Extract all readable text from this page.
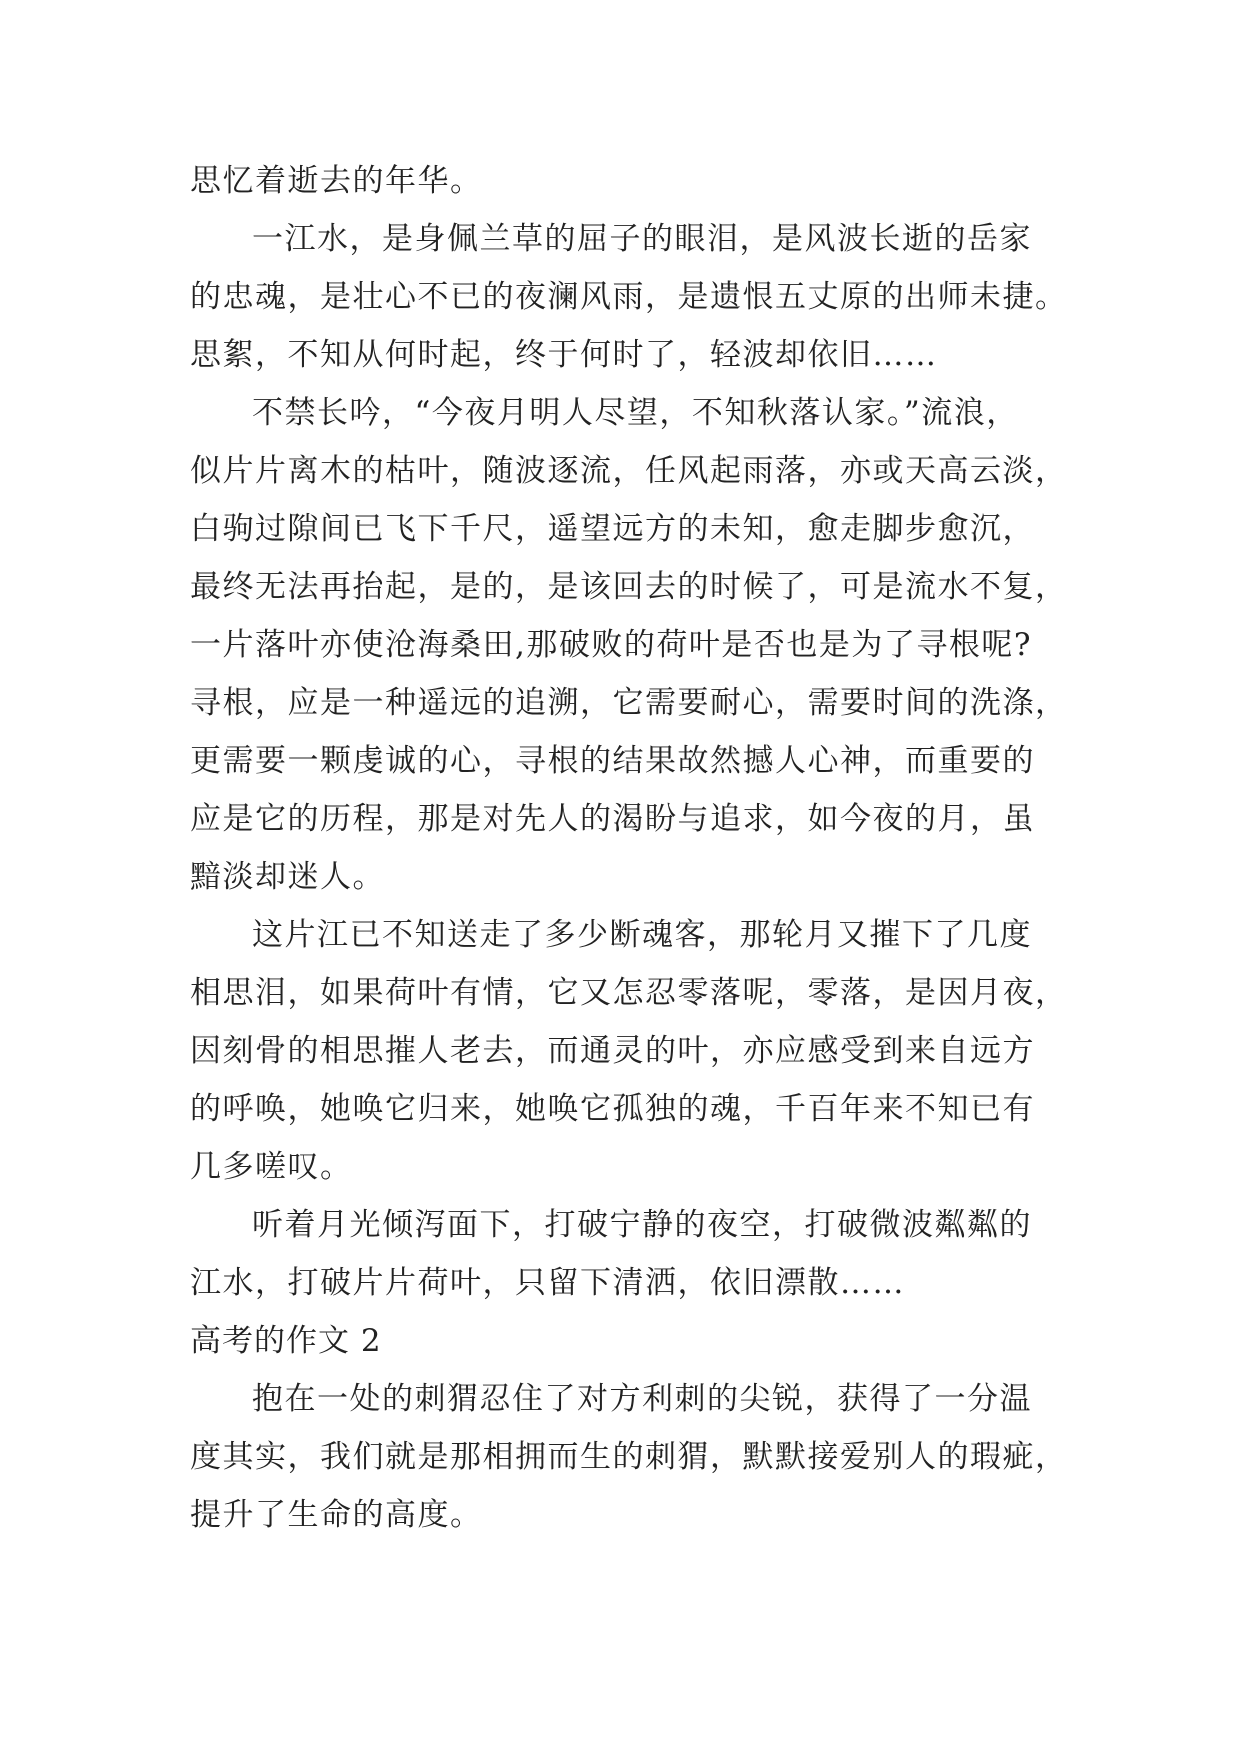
思忆着逝去的年华。
一江水，是身佩兰草的屈子的眼泪，是风波长逝的岳家
的忠魂，是壮心不已的夜澜风雨，是遗恨五丈原的出师未捷。
思絮，不知从何时起，终于何时了，轻波却依旧……
不禁长吟，“今夜月明人尽望，不知秋落认家。”流浪，
似片片离木的枯叶，随波逐流，任风起雨落，亦或天高云淡，
白驹过隙间已飞下千尺，遥望远方的未知，愈走脚步愈沉，
最终无法再抬起，是的，是该回去的时候了，可是流水不复，
一片落叶亦使沧海桑田,那破败的荷叶是否也是为了寻根呢?
寻根，应是一种遥远的追溯，它需要耐心，需要时间的洗涤，
更需要一颗虔诚的心，寻根的结果故然撼人心神，而重要的
应是它的历程，那是对先人的渴盼与追求，如今夜的月，虽
黯淡却迷人。
这片江已不知送走了多少断魂客，那轮月又摧下了几度
相思泪，如果荷叶有情，它又怎忍零落呢，零落，是因月夜，
因刻骨的相思摧人老去，而通灵的叶，亦应感受到来自远方
的呼唤，她唤它归来，她唤它孤独的魂，千百年来不知已有
几多嗟叹。
听着月光倾泻面下，打破宁静的夜空，打破微波粼粼的
江水，打破片片荷叶，只留下清洒，依旧漂散……
高考的作文 2
抱在一处的刺猬忍住了对方利刺的尖锐，获得了一分温
度其实，我们就是那相拥而生的刺猬，默默接爱别人的瑕疵，
提升了生命的高度。
